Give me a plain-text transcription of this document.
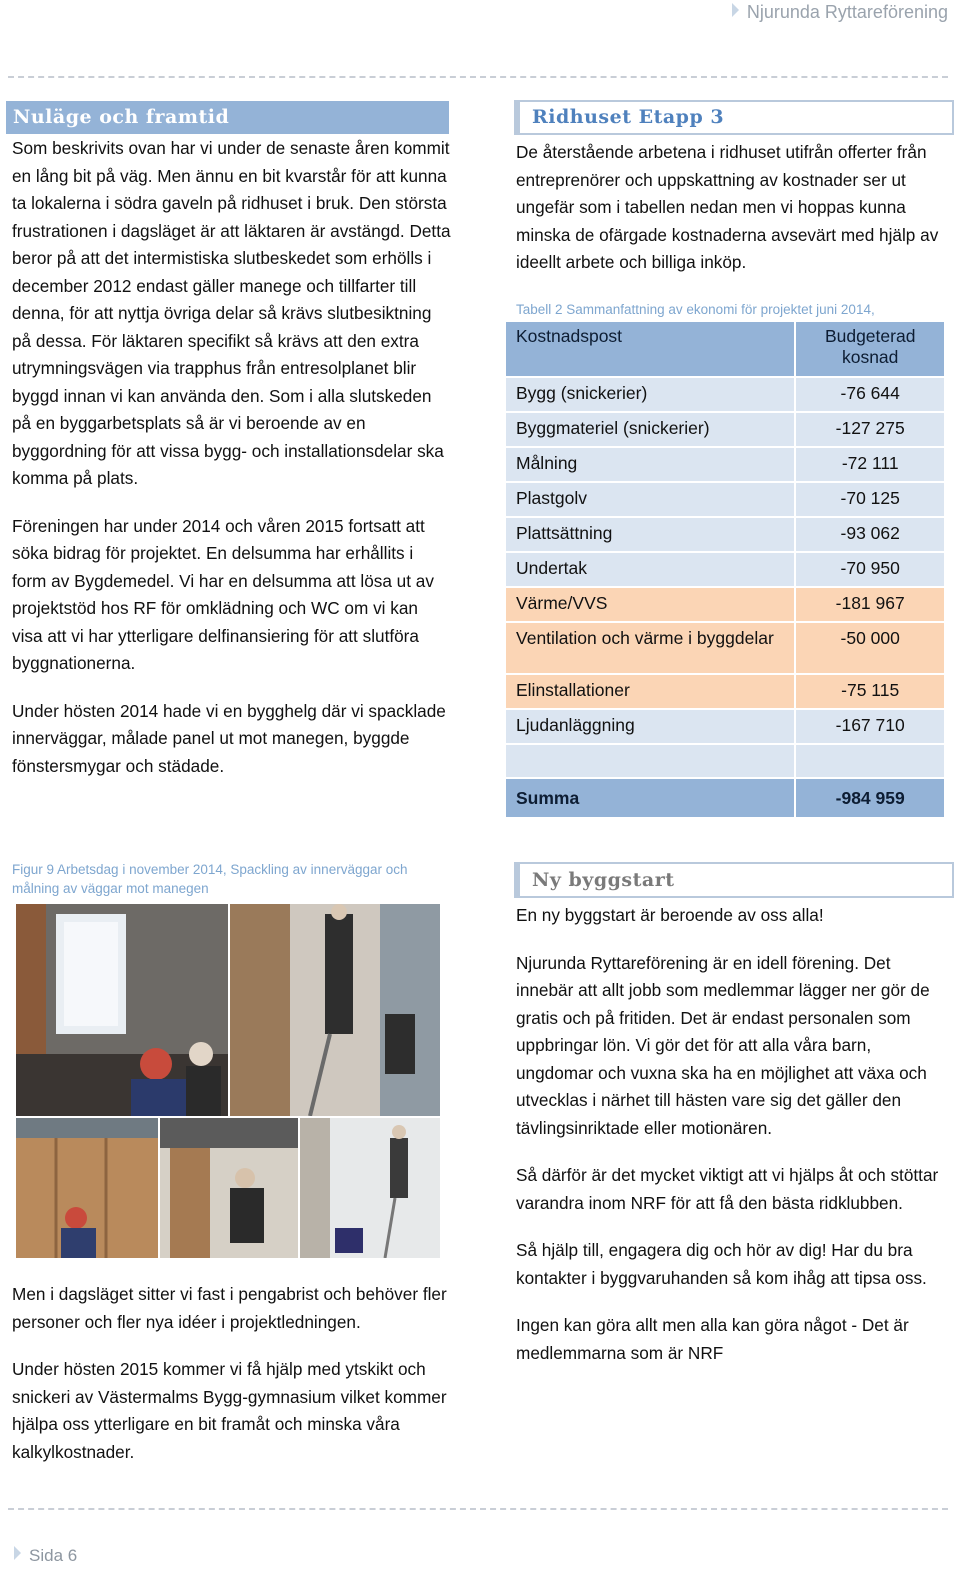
Njurunda Ryttareförening
Nuläge och framtid

Som beskrivits ovan har vi under de senaste åren kommit en lång bit på väg. Men ännu en bit kvarstår för att kunna ta lokalerna i södra gaveln på ridhuset i bruk. Den största frustrationen i dagsläget är att läktaren är avstängd. Detta beror på att det intermistiska slutbeskedet som erhölls i december 2012 endast gäller manege och tillfarter till denna, för att nyttja övriga delar så krävs slutbesiktning på dessa. För läktaren specifikt så krävs att den extra utrymningsvägen via trapphus från entresolplanet blir byggd innan vi kan använda den. Som i alla slutskeden på en byggarbetsplats så är vi beroende av en byggordning för att vissa bygg- och installationsdelar ska komma på plats.

Föreningen har under 2014 och våren 2015 fortsatt att söka bidrag för projektet. En delsumma har erhållits i form av Bygdemedel. Vi har en delsumma att lösa ut av projektstöd hos RF för omklädning och WC om vi kan visa att vi har ytterligare delfinansiering för att slutföra byggnationerna.

Under hösten 2014 hade vi en bygghelg där vi spacklade innerväggar, målade panel ut mot manegen, byggde fönstersmygar och städade.

Figur 9 Arbetsdag i november 2014, Spackling av innerväggar och målning av väggar mot manegen

Men i dagsläget sitter vi fast i pengabrist och behöver fler personer och fler nya idéer i projektledningen.

Under hösten 2015 kommer vi få hjälp med ytskikt och snickeri av Västermalms Bygg-gymnasium vilket kommer hjälpa oss ytterligare en bit framåt och minska våra kalkylkostnader.

Ridhuset Etapp 3

De återstående arbetena i ridhuset utifrån offerter från entreprenörer och uppskattning av kostnader ser ut ungefär som i tabellen nedan men vi hoppas kunna minska de ofärgade kostnaderna avsevärt med hjälp av ideellt arbete och billiga inköp.

Tabell 2 Sammanfattning av ekonomi för projektet juni 2014,
Kostnadspost	Budgeterad kosnad
Bygg (snickerier)	-76 644
Byggmateriel (snickerier)	-127 275
Målning	-72 111
Plastgolv	-70 125
Plattsättning	-93 062
Undertak	-70 950
Värme/VVS	-181 967
Ventilation och värme i byggdelar	-50 000
Elinstallationer	-75 115
Ljudanläggning	-167 710

Summa	-984 959
Ny byggstart

En ny byggstart är beroende av oss alla!

Njurunda Ryttareförening är en idell förening. Det innebär att allt jobb som medlemmar lägger ner gör de gratis och på fritiden. Det är endast personalen som uppbringar lön. Vi gör det för att alla våra barn, ungdomar och vuxna ska ha en möjlighet att växa och utvecklas i närhet till hästen vare sig det gäller den tävlingsinriktade eller motionären.

Så därför är det mycket viktigt att vi hjälps åt och stöttar varandra inom NRF för att få den bästa ridklubben.

Så hjälp till, engagera dig och hör av dig! Har du bra kontakter i byggvaruhanden så kom ihåg att tipsa oss.

Ingen kan göra allt men alla kan göra något - Det är medlemmarna som är NRF

Sida 6
